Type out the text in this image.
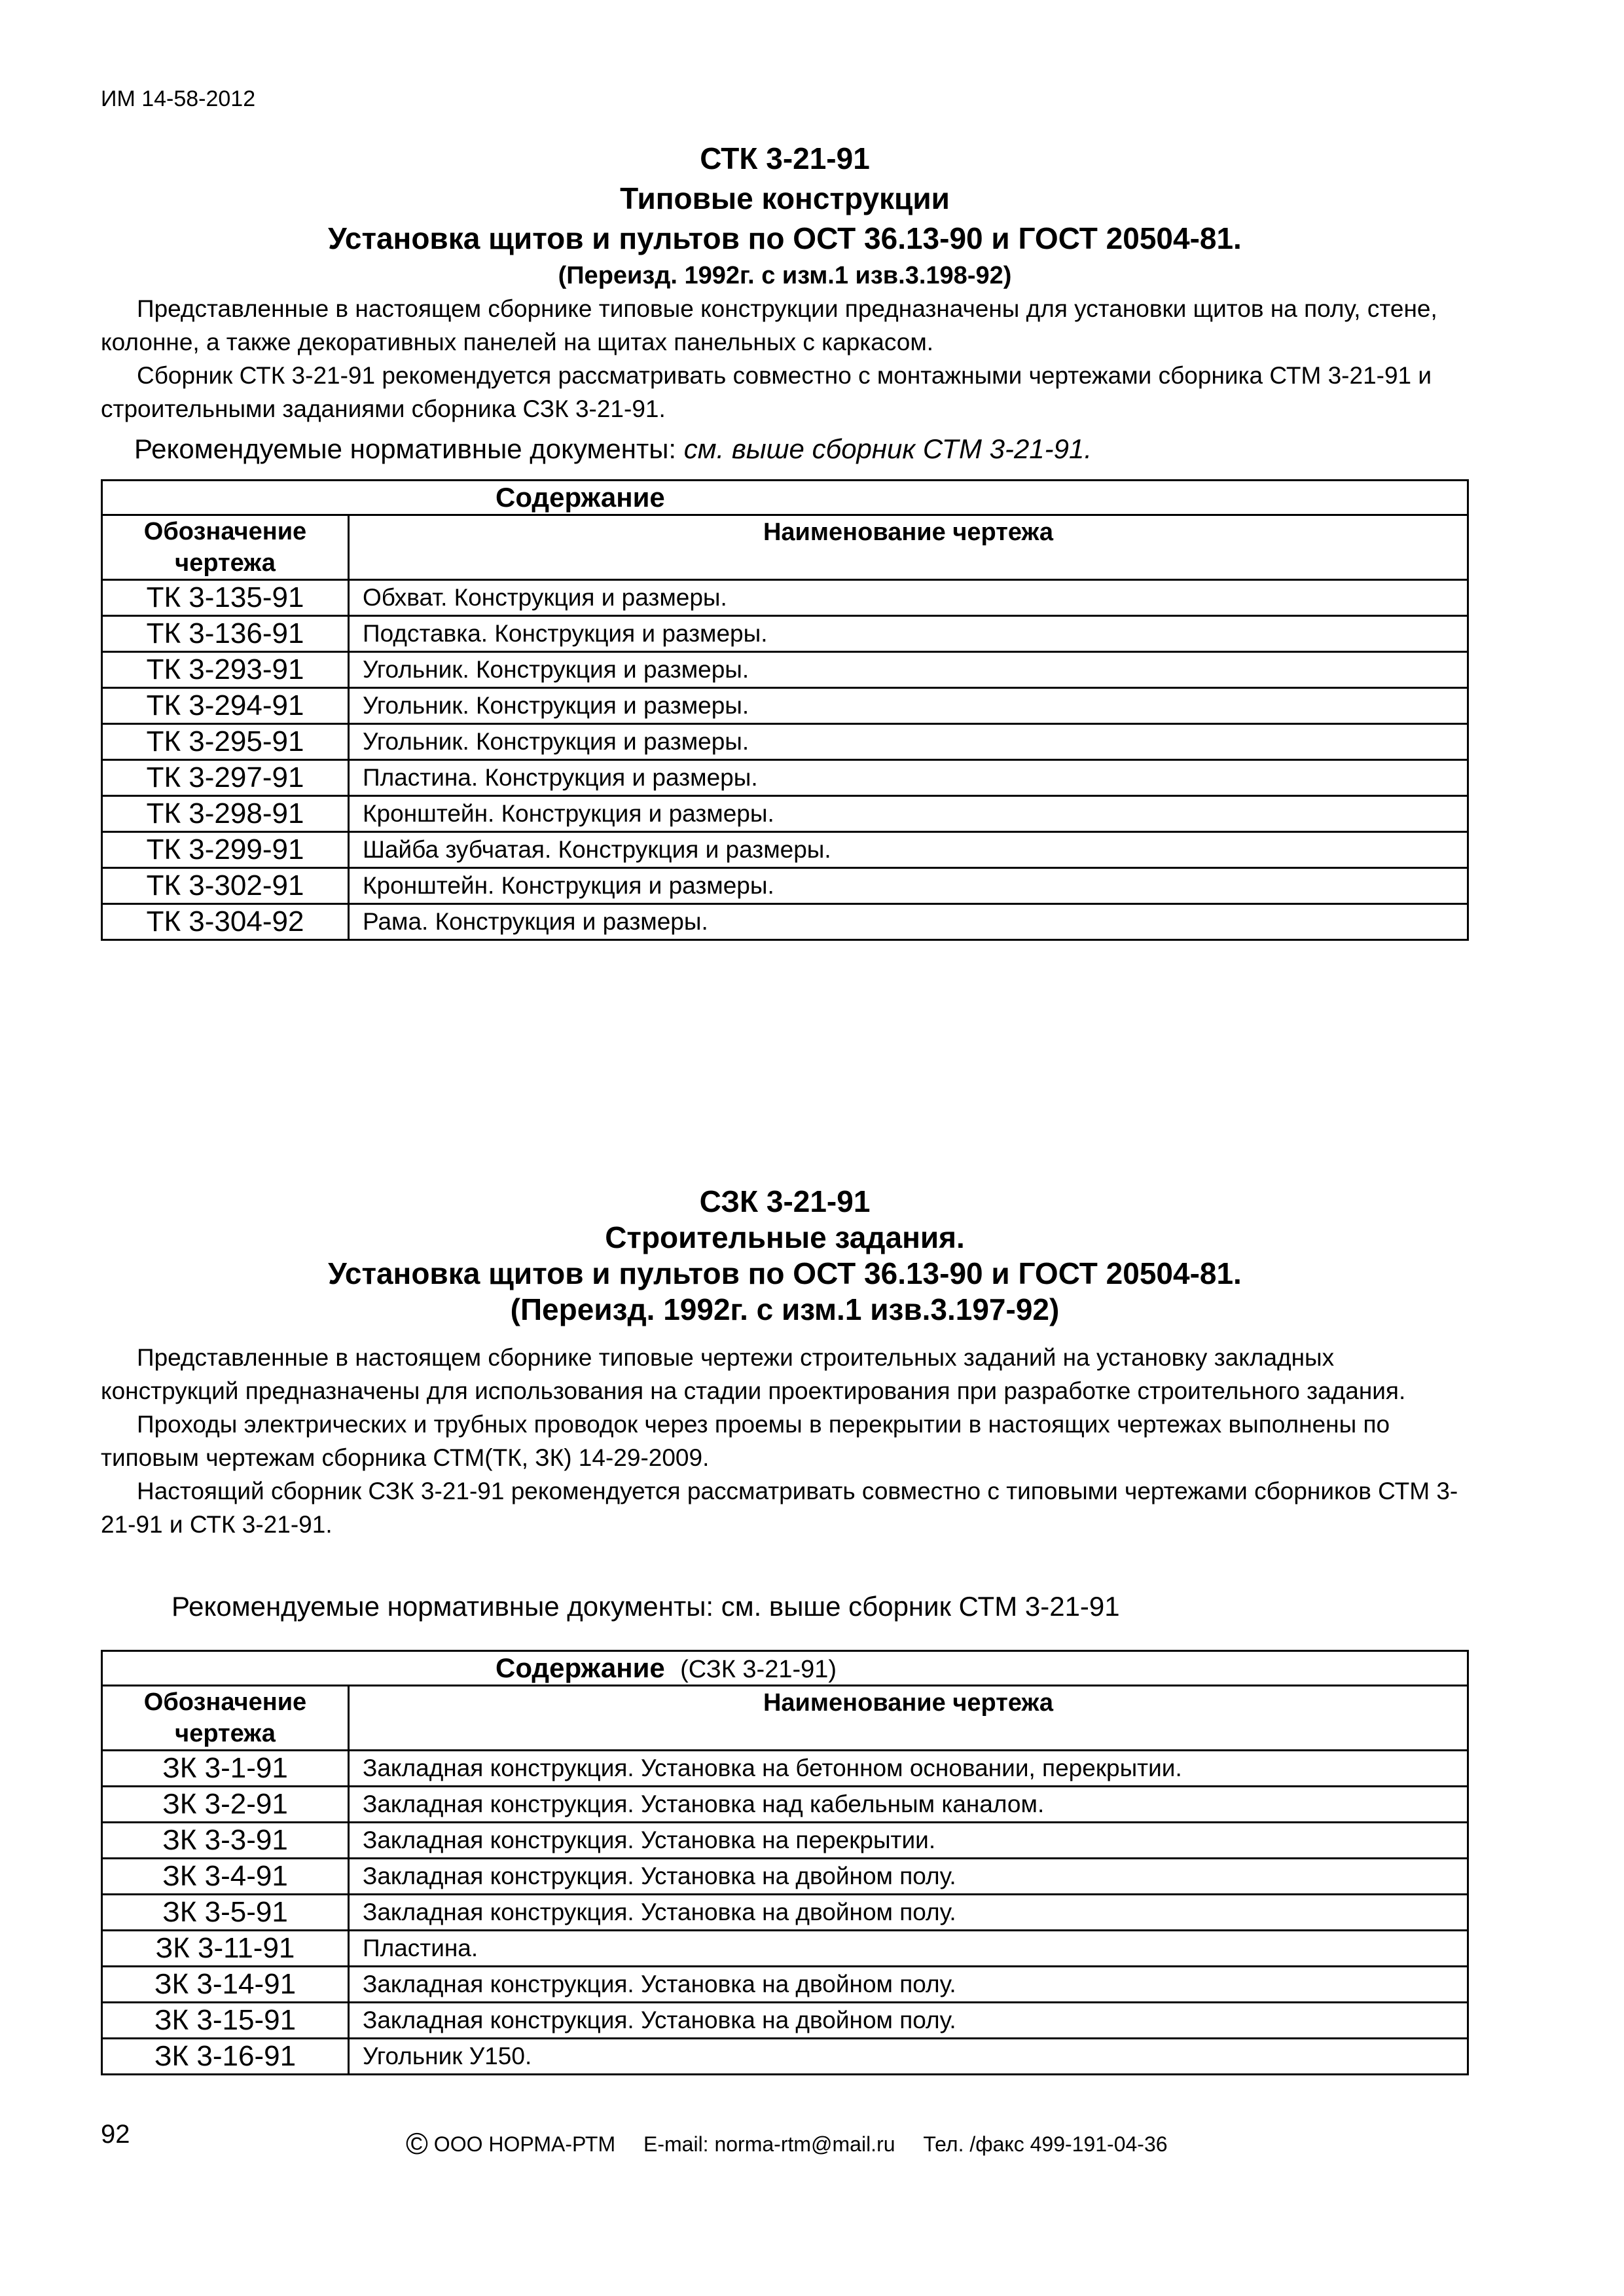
ИМ 14-58-2012
СТК 3-21-91
Типовые конструкции
Установка щитов и пультов по ОСТ 36.13-90 и ГОСТ 20504-81.
(Переизд. 1992г. с изм.1 изв.3.198-92)

Представленные в настоящем сборнике типовые конструкции предназначены для установки щитов на полу, стене, колонне, а также декоративных панелей на щитах панельных с каркасом.

Сборник СТК 3-21-91 рекомендуется рассматривать совместно с монтажными чертежами сборника СТМ 3-21-91 и строительными заданиями сборника СЗК 3-21-91.

Рекомендуемые нормативные документы: см. выше сборник СТМ 3-21-91.
Содержание	
Обозначение чертежа	Наименование чертежа
ТК 3-135-91	Обхват. Конструкция и размеры.
ТК 3-136-91	Подставка. Конструкция и размеры.
ТК 3-293-91	Угольник. Конструкция и размеры.
ТК 3-294-91	Угольник. Конструкция и размеры.
ТК 3-295-91	Угольник. Конструкция и размеры.
ТК 3-297-91	Пластина. Конструкция и размеры.
ТК 3-298-91	Кронштейн. Конструкция и размеры.
ТК 3-299-91	Шайба зубчатая. Конструкция и размеры.
ТК 3-302-91	Кронштейн. Конструкция и размеры.
ТК 3-304-92	Рама. Конструкция и размеры.
СЗК 3-21-91
Строительные задания.
Установка щитов и пультов по ОСТ 36.13-90 и ГОСТ 20504-81.
(Переизд. 1992г. с изм.1 изв.3.197-92)

Представленные в настоящем сборнике типовые чертежи строительных заданий на установку закладных конструкций предназначены для использования на стадии проектирования при разработке строительного задания.

Проходы электрических и трубных проводок через проемы в перекрытии в настоящих чертежах выполнены по типовым чертежам сборника СТМ(ТК, ЗК) 14-29-2009.

Настоящий сборник СЗК 3-21-91 рекомендуется рассматривать совместно с типовыми чертежами сборников СТМ 3-21-91 и СТК 3-21-91.

Рекомендуемые нормативные документы: см. выше сборник СТМ 3-21-91
Содержание (СЗК 3-21-91)	
Обозначение чертежа	Наименование чертежа
ЗК 3-1-91	Закладная конструкция. Установка на бетонном основании, перекрытии.
ЗК 3-2-91	Закладная конструкция. Установка над кабельным каналом.
ЗК 3-3-91	Закладная конструкция. Установка на перекрытии.
ЗК 3-4-91	Закладная конструкция. Установка на двойном полу.
ЗК 3-5-91	Закладная конструкция. Установка на двойном полу.
ЗК 3-11-91	Пластина.
ЗК 3-14-91	Закладная конструкция. Установка на двойном полу.
ЗК 3-15-91	Закладная конструкция. Установка на двойном полу.
ЗК 3-16-91	Угольник У150.
92	© ООО НОРМА-РТМ E-mail: norma-rtm@mail.ru Тел. /факс 499-191-04-36
